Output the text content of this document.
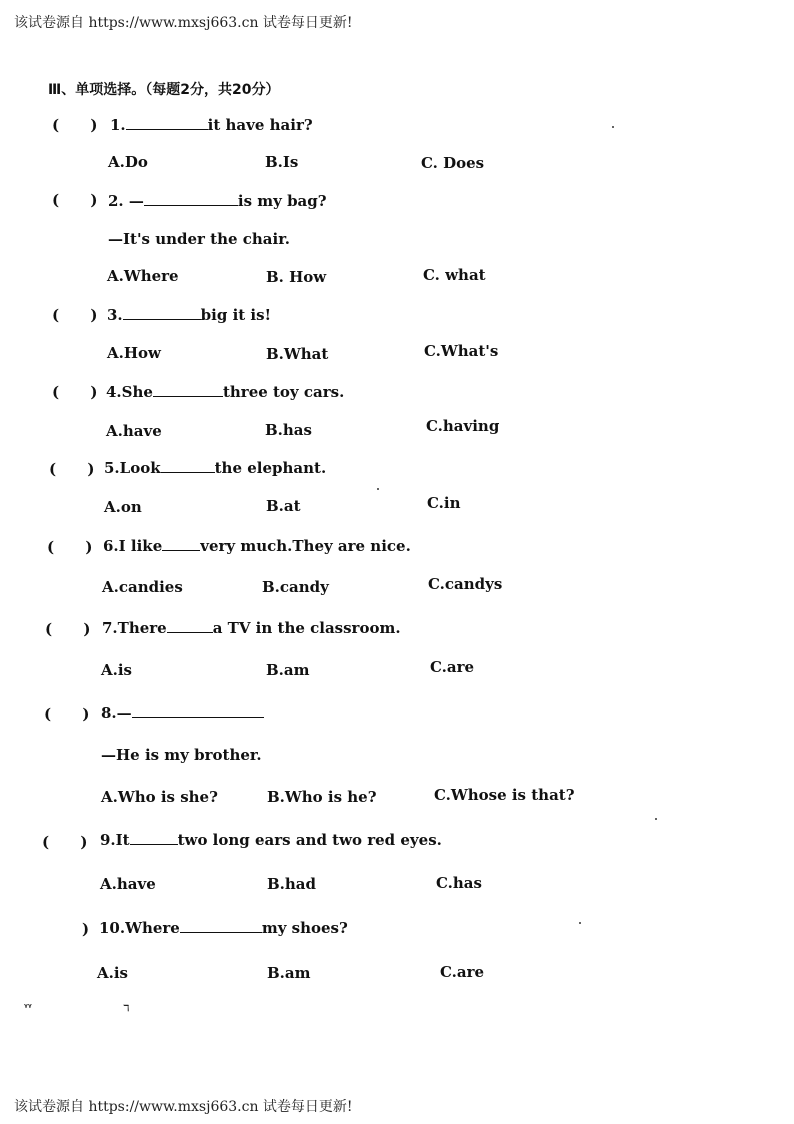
该试卷源自 https://www.mxsj663.cn 试卷每日更新!
Ⅲ、单项选择。（每题2分，共20分）
(      ) 1.	it have hair?
A.Do	B.Is	C. Does
(      ) 2. —	is my bag?
—It's under the chair.
A.Where	B. How	C. what
(      ) 3.	big it is!
A.How	B.What	C.What's
(      ) 4.She	three toy cars.
A.have	B.has	C.having
(      ) 5.Look	the elephant.
A.on	B.at	C.in
(      ) 6.I like	very much.They are nice.
A.candies	B.candy	C.candys
(      ) 7.There	a TV in the classroom.
A.is	B.am	C.are
(      ) 8.—
—He is my brother.
A.Who is she?	B.Who is he?	C.Whose is that?
(      ) 9.It	two long ears and two red eyes.
A.have	B.had	C.has
) 10.Where	my shoes?
A.is	B.am	C.are
ᵞᵞ	ℸ
该试卷源自 https://www.mxsj663.cn 试卷每日更新!
